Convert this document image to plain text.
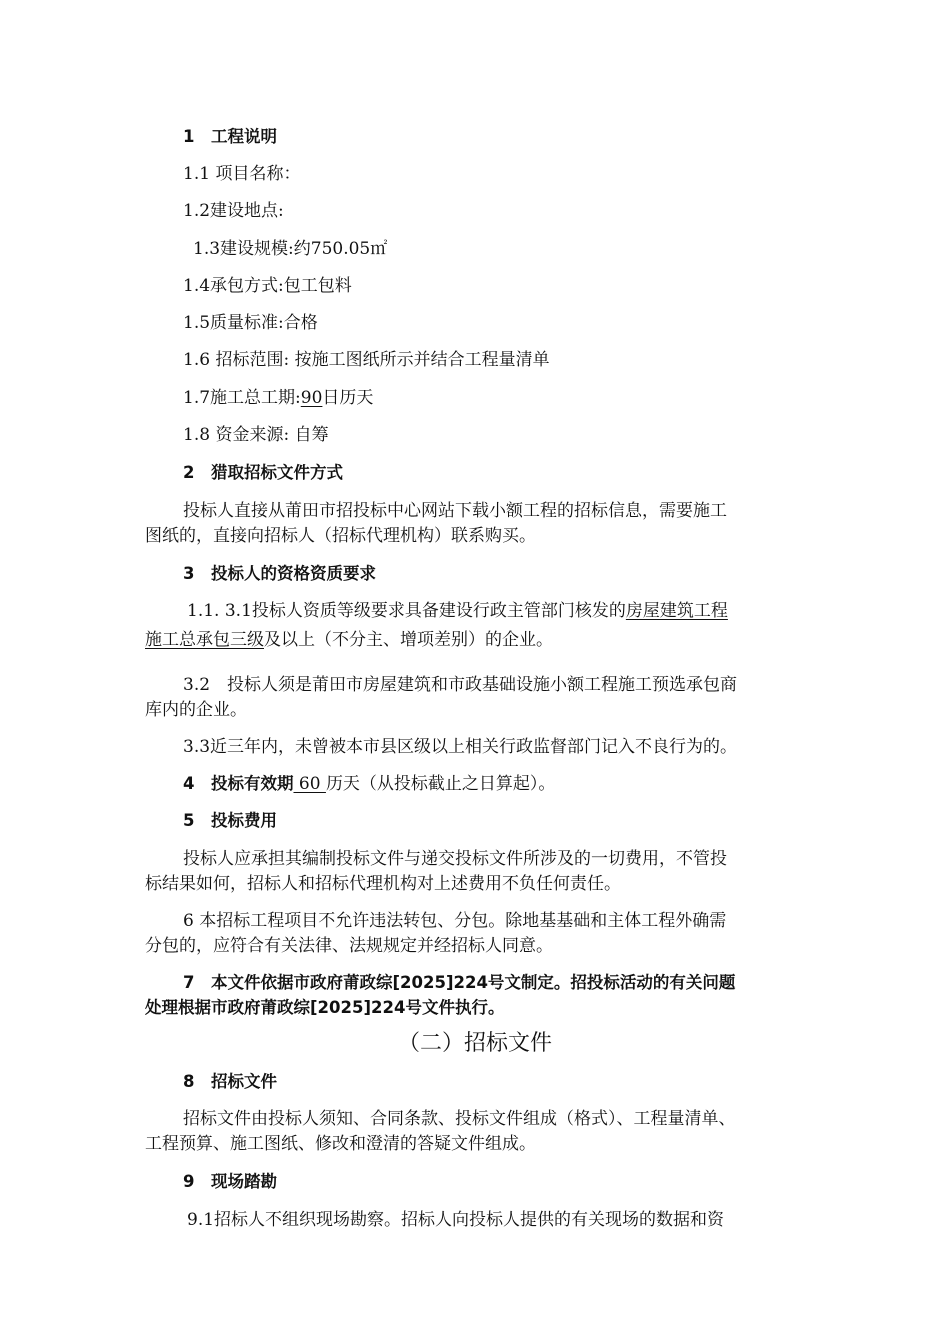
1　工程说明
1.1 项目名称：
1.2建设地点:
1.3建设规模:约750.05㎡
1.4承包方式:包工包料
1.5质量标准:合格
1.6 招标范围: 按施工图纸所示并结合工程量清单
1.7施工总工期:90日历天
1.8 资金来源: 自筹
2　猎取招标文件方式
投标人直接从莆田市招投标中心网站下载小额工程的招标信息，需要施工
图纸的，直接向招标人（招标代理机构）联系购买。
3　投标人的资格资质要求
1.1. 3.1投标人资质等级要求具备建设行政主管部门核发的房屋建筑工程
施工总承包三级及以上（不分主、增项差别）的企业。
3.2　投标人须是莆田市房屋建筑和市政基础设施小额工程施工预选承包商
库内的企业。
3.3近三年内，未曾被本市县区级以上相关行政监督部门记入不良行为的。
4　投标有效期 60 历天（从投标截止之日算起）。
5　投标费用
投标人应承担其编制投标文件与递交投标文件所涉及的一切费用，不管投
标结果如何，招标人和招标代理机构对上述费用不负任何责任。
6 本招标工程项目不允许违法转包、分包。除地基基础和主体工程外确需
分包的，应符合有关法律、法规规定并经招标人同意。
7　本文件依据市政府莆政综[2025]224号文制定。招投标活动的有关问题
处理根据市政府莆政综[2025]224号文件执行。
（二）招标文件
8　招标文件
招标文件由投标人须知、合同条款、投标文件组成（格式）、工程量清单、
工程预算、施工图纸、修改和澄清的答疑文件组成。
9　现场踏勘
9.1招标人不组织现场勘察。招标人向投标人提供的有关现场的数据和资
